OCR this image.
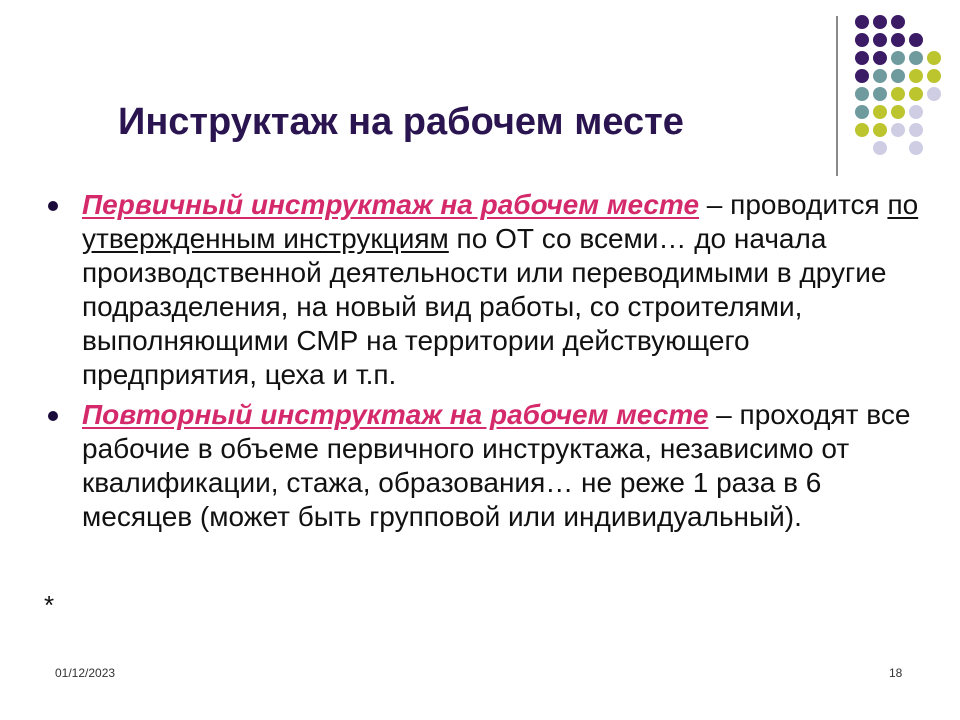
Инструктаж на рабочем месте

Первичный инструктаж на рабочем месте – проводится по утвержденным инструкциям по ОТ со всеми… до начала производственной деятельности или переводимыми в другие подразделения, на новый вид работы, со строителями, выполняющими СМР на территории действующего предприятия, цеха и т.п.

Повторный инструктаж на рабочем месте – проходят все рабочие в объеме первичного инструктажа, независимо от квалификации, стажа, образования… не реже 1 раза в 6 месяцев (может быть групповой или индивидуальный).

*
01/12/2023	18
